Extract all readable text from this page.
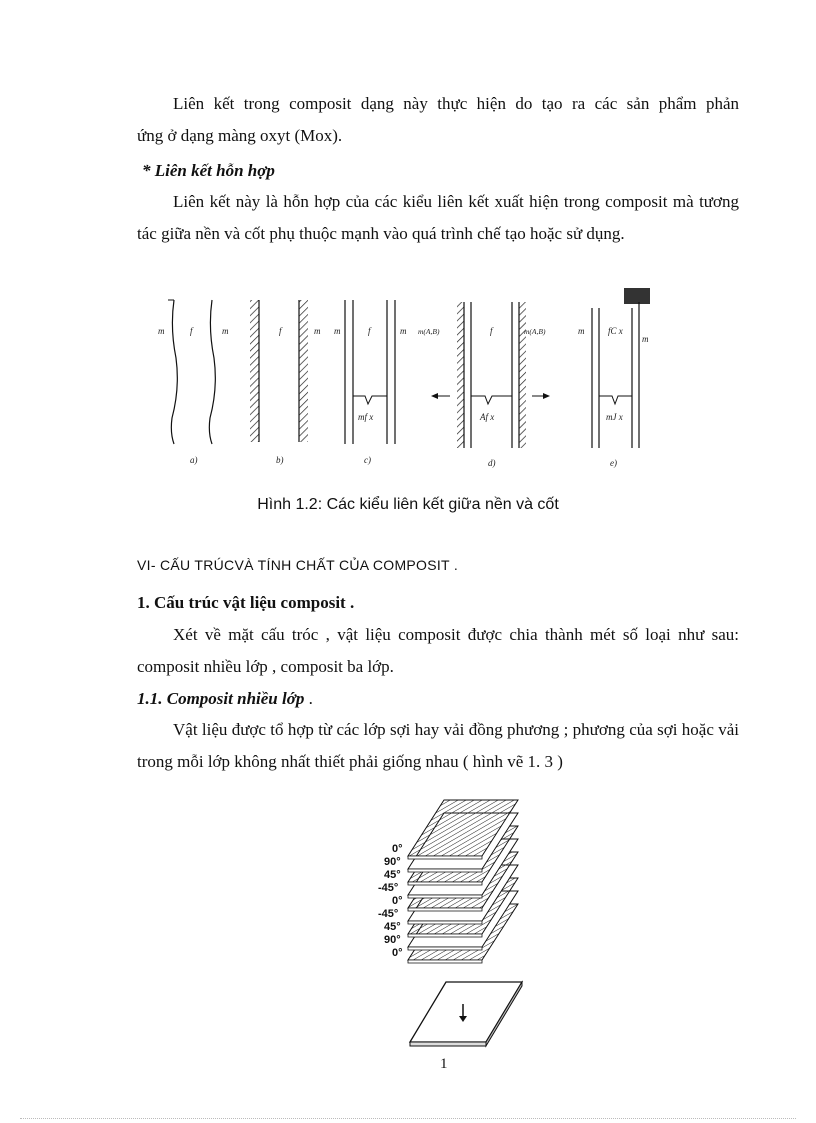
Liên kết trong composit dạng này thực hiện do tạo ra các sản phẩm phản
ứng ở dạng màng oxyt (Mox).
* Liên kết hỗn hợp

Liên kết này là hỗn hợp của các kiểu liên kết xuất hiện trong composit mà tương tác giữa nền và cốt phụ thuộc mạnh vào quá trình chế tạo hoặc sử dụng.

m	f	m
a)
f	m
b)
m	f	m
mf x
c)
m(A,B)	f	m(A,B)
Af x
d)
m	fC x
m
mJ x
e)
Hình 1.2: Các kiểu liên kết giữa nền và cốt
VI- CẤU TRÚCVÀ TÍNH CHẤT CỦA COMPOSIT .
1. Cấu trúc vật liệu composit .

Xét về mặt cấu tróc , vật liệu composit được chia thành mét số loại như sau: composit nhiều lớp , composit ba lớp.

1.1. Composit nhiều lớp .

Vật liệu được tổ hợp từ các lớp sợi hay vải đồng phương ; phương của sợi hoặc vải trong mỗi lớp không nhất thiết phải giống nhau ( hình vẽ 1. 3 )

0°
90°
45°
-45°
0°
-45°
45°
90°
0°
1
